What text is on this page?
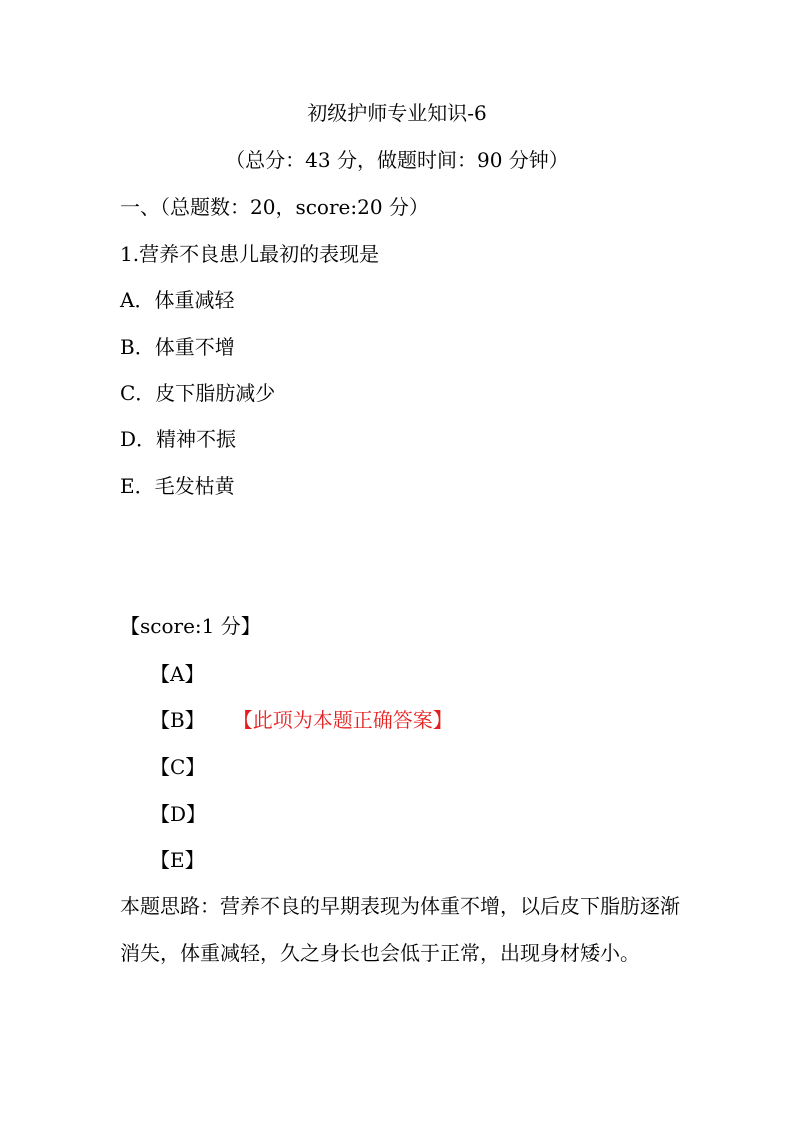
初级护师专业知识-6
（总分：43 分，做题时间：90 分钟）
一、（总题数：20，score:20 分）
1.营养不良患儿最初的表现是
A．体重减轻
B．体重不增
C．皮下脂肪减少
D．精神不振
E．毛发枯黄
【score:1 分】
【A】
【B】 【此项为本题正确答案】
【C】
【D】
【E】
本题思路：营养不良的早期表现为体重不增，以后皮下脂肪逐渐消失，体重减轻，久之身长也会低于正常，出现身材矮小。
